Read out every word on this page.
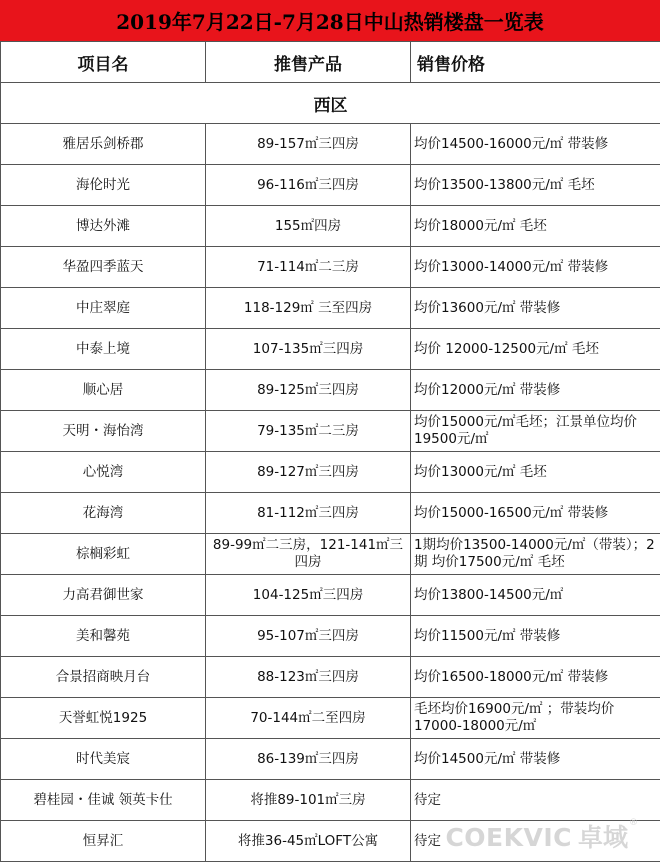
2019年7月22日-7月28日中山热销楼盘一览表
项目名	推售产品	销售价格
西区		
雅居乐剑桥郡	89-157㎡三四房	均价14500-16000元/㎡ 带装修
海伦时光	96-116㎡三四房	均价13500-13800元/㎡ 毛坯
博达外滩	155㎡四房	均价18000元/㎡ 毛坯
华盈四季蓝天	71-114㎡二三房	均价13000-14000元/㎡ 带装修
中庄翠庭	118-129㎡ 三至四房	均价13600元/㎡ 带装修
中泰上境	107-135㎡三四房	均价 12000-12500元/㎡ 毛坯
顺心居	89-125㎡三四房	均价12000元/㎡ 带装修
天明・海怡湾	79-135㎡二三房	均价15000元/㎡毛坯；江景单位均价19500元/㎡
心悦湾	89-127㎡三四房	均价13000元/㎡ 毛坯
花海湾	81-112㎡三四房	均价15000-16500元/㎡ 带装修
棕榈彩虹	89-99㎡二三房，121-141㎡三四房	1期均价13500-14000元/㎡（带装）；2期 均价17500元/㎡ 毛坯
力高君御世家	104-125㎡三四房	均价13800-14500元/㎡
美和馨苑	95-107㎡三四房	均价11500元/㎡ 带装修
合景招商映月台	88-123㎡三四房	均价16500-18000元/㎡ 带装修
天誉虹悦1925	70-144㎡二至四房	毛坯均价16900元/㎡ ；带装均价17000-18000元/㎡
时代美宸	86-139㎡三四房	均价14500元/㎡ 带装修
碧桂园・佳诚 领英卡仕	将推89-101㎡三房	待定
恒昇汇	将推36-45㎡LOFT公寓	待定 COEKVIC 卓域 ®
